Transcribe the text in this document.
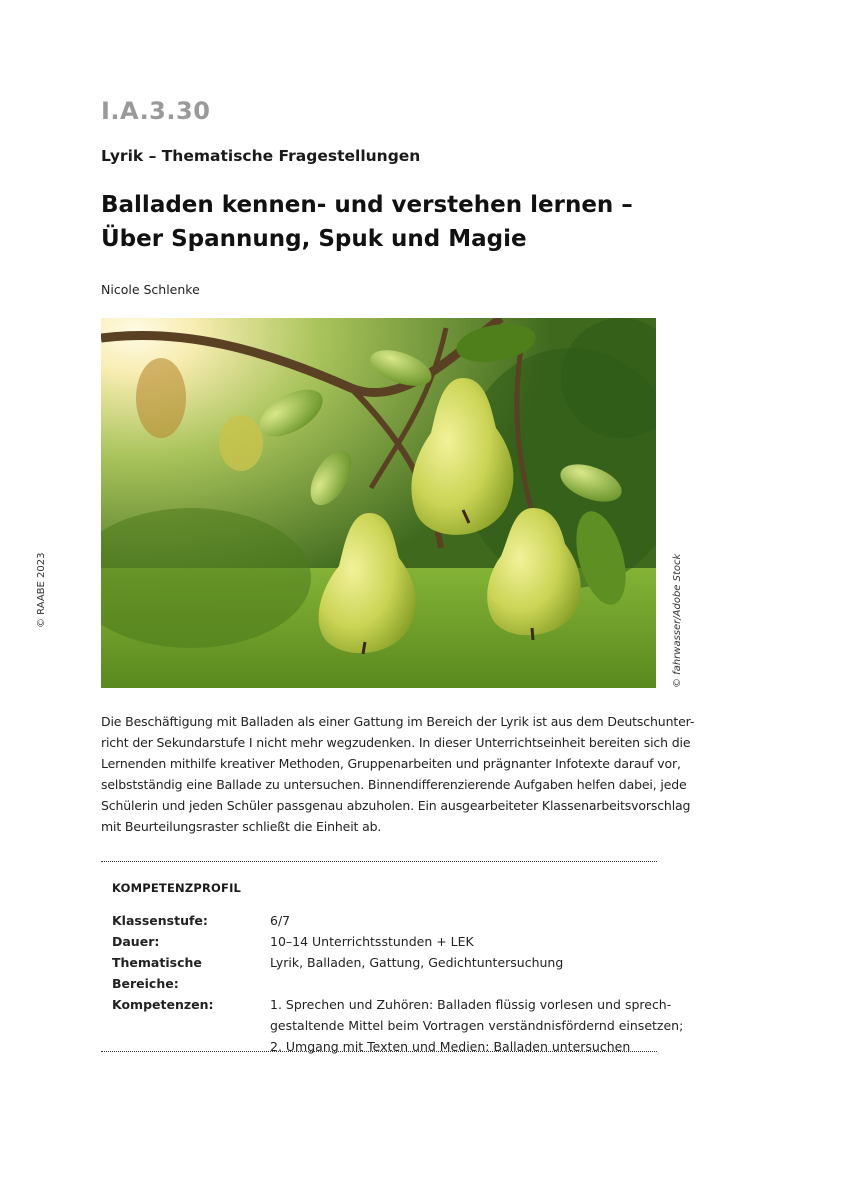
I.A.3.30
Lyrik – Thematische Fragestellungen
Balladen kennen- und verstehen lernen –
Über Spannung, Spuk und Magie
Nicole Schlenke
© fahrwasser/Adobe Stock
© RAABE 2023
Die Beschäftigung mit Balladen als einer Gattung im Bereich der Lyrik ist aus dem Deutschunter-
richt der Sekundarstufe I nicht mehr wegzudenken. In dieser Unterrichtseinheit bereiten sich die
Lernenden mithilfe kreativer Methoden, Gruppenarbeiten und prägnanter Infotexte darauf vor,
selbstständig eine Ballade zu untersuchen. Binnendifferenzierende Aufgaben helfen dabei, jede
Schülerin und jeden Schüler passgenau abzuholen. Ein ausgearbeiteter Klassenarbeitsvorschlag
mit Beurteilungsraster schließt die Einheit ab.
KOMPETENZPROFIL
Klassenstufe:	6/7
Dauer:	10–14 Unterrichtsstunden + LEK
Thematische Bereiche:
Lyrik, Balladen, Gattung, Gedichtuntersuchung
Kompetenzen:	1. Sprechen und Zuhören: Balladen flüssig vorlesen und sprech-
gestaltende Mittel beim Vortragen verständnisfördernd einsetzen;
2. Umgang mit Texten und Medien: Balladen untersuchen
